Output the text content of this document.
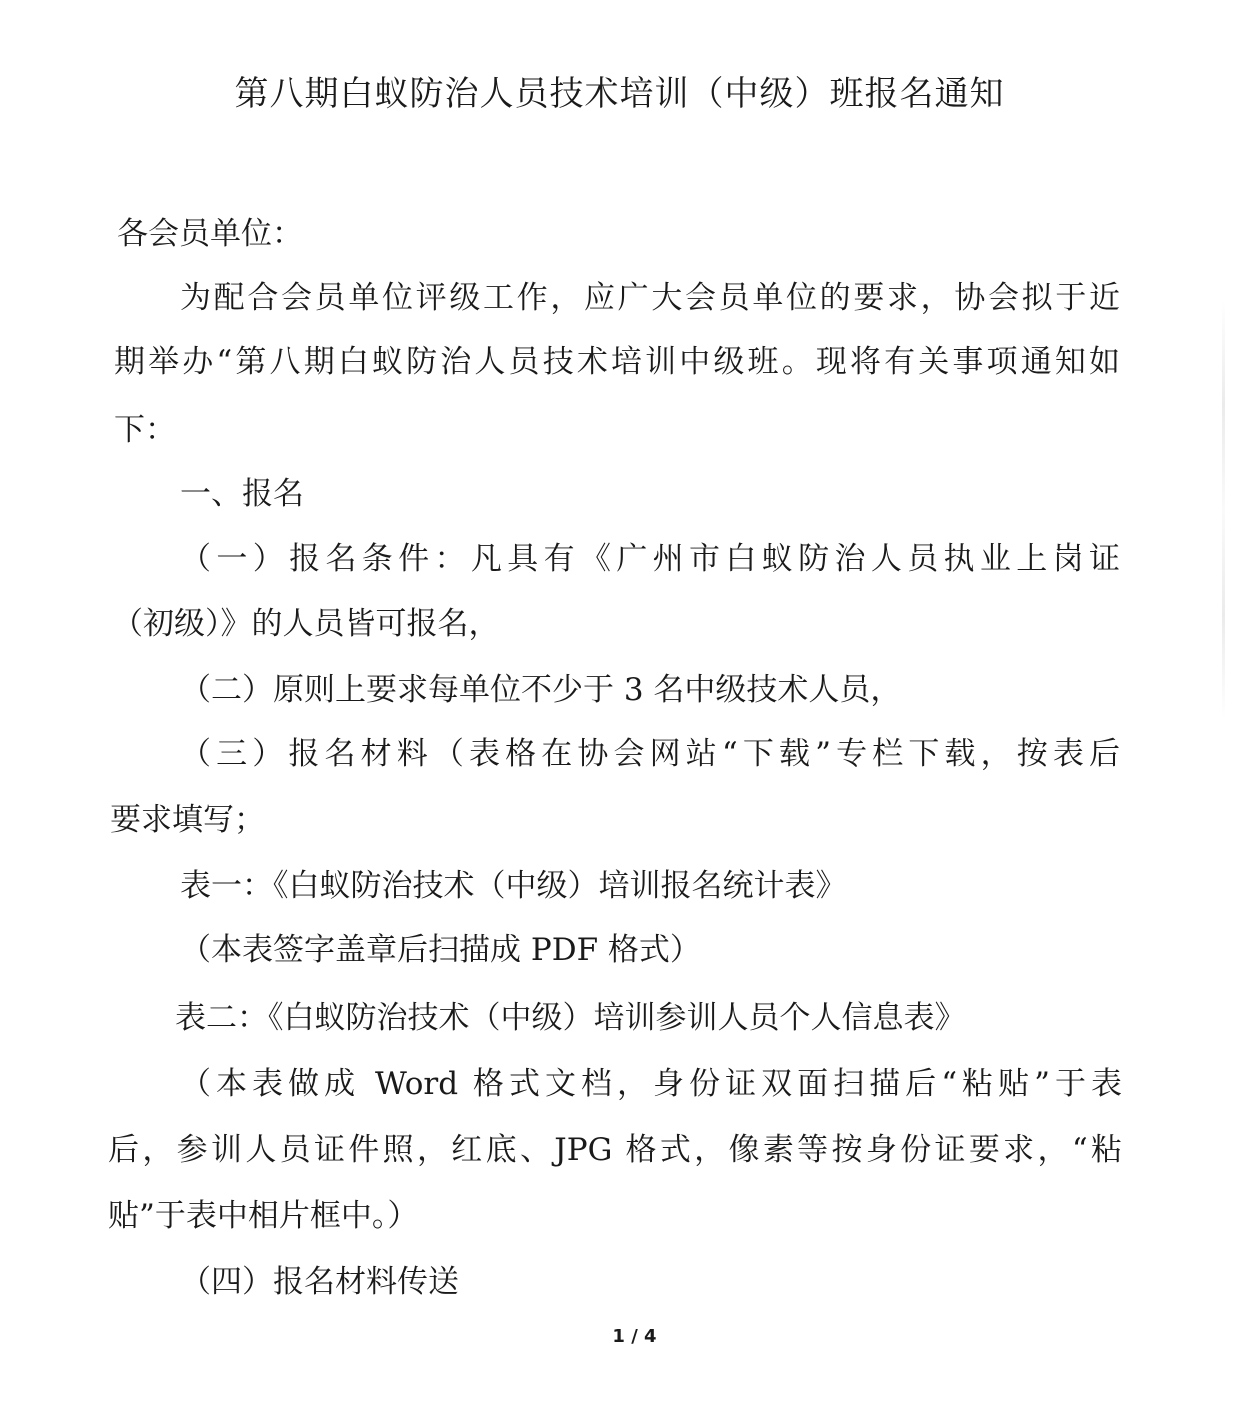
第八期白蚁防治人员技术培训（中级）班报名通知
各会员单位：
为配合会员单位评级工作，应广大会员单位的要求，协会拟于近
期举办“第八期白蚁防治人员技术培训中级班。现将有关事项通知如
下：
一、报名
（一）报名条件：凡具有《广州市白蚁防治人员执业上岗证
（初级）》的人员皆可报名，
（二）原则上要求每单位不少于 3 名中级技术人员，
（三）报名材料（表格在协会网站“下载”专栏下载，按表后
要求填写；
表一：《白蚁防治技术（中级）培训报名统计表》
（本表签字盖章后扫描成 PDF 格式）
表二：《白蚁防治技术（中级）培训参训人员个人信息表》
（本表做成 Word 格式文档，身份证双面扫描后“粘贴”于表
后，参训人员证件照，红底、JPG 格式，像素等按身份证要求，“粘
贴”于表中相片框中。）
（四）报名材料传送
1 / 4
